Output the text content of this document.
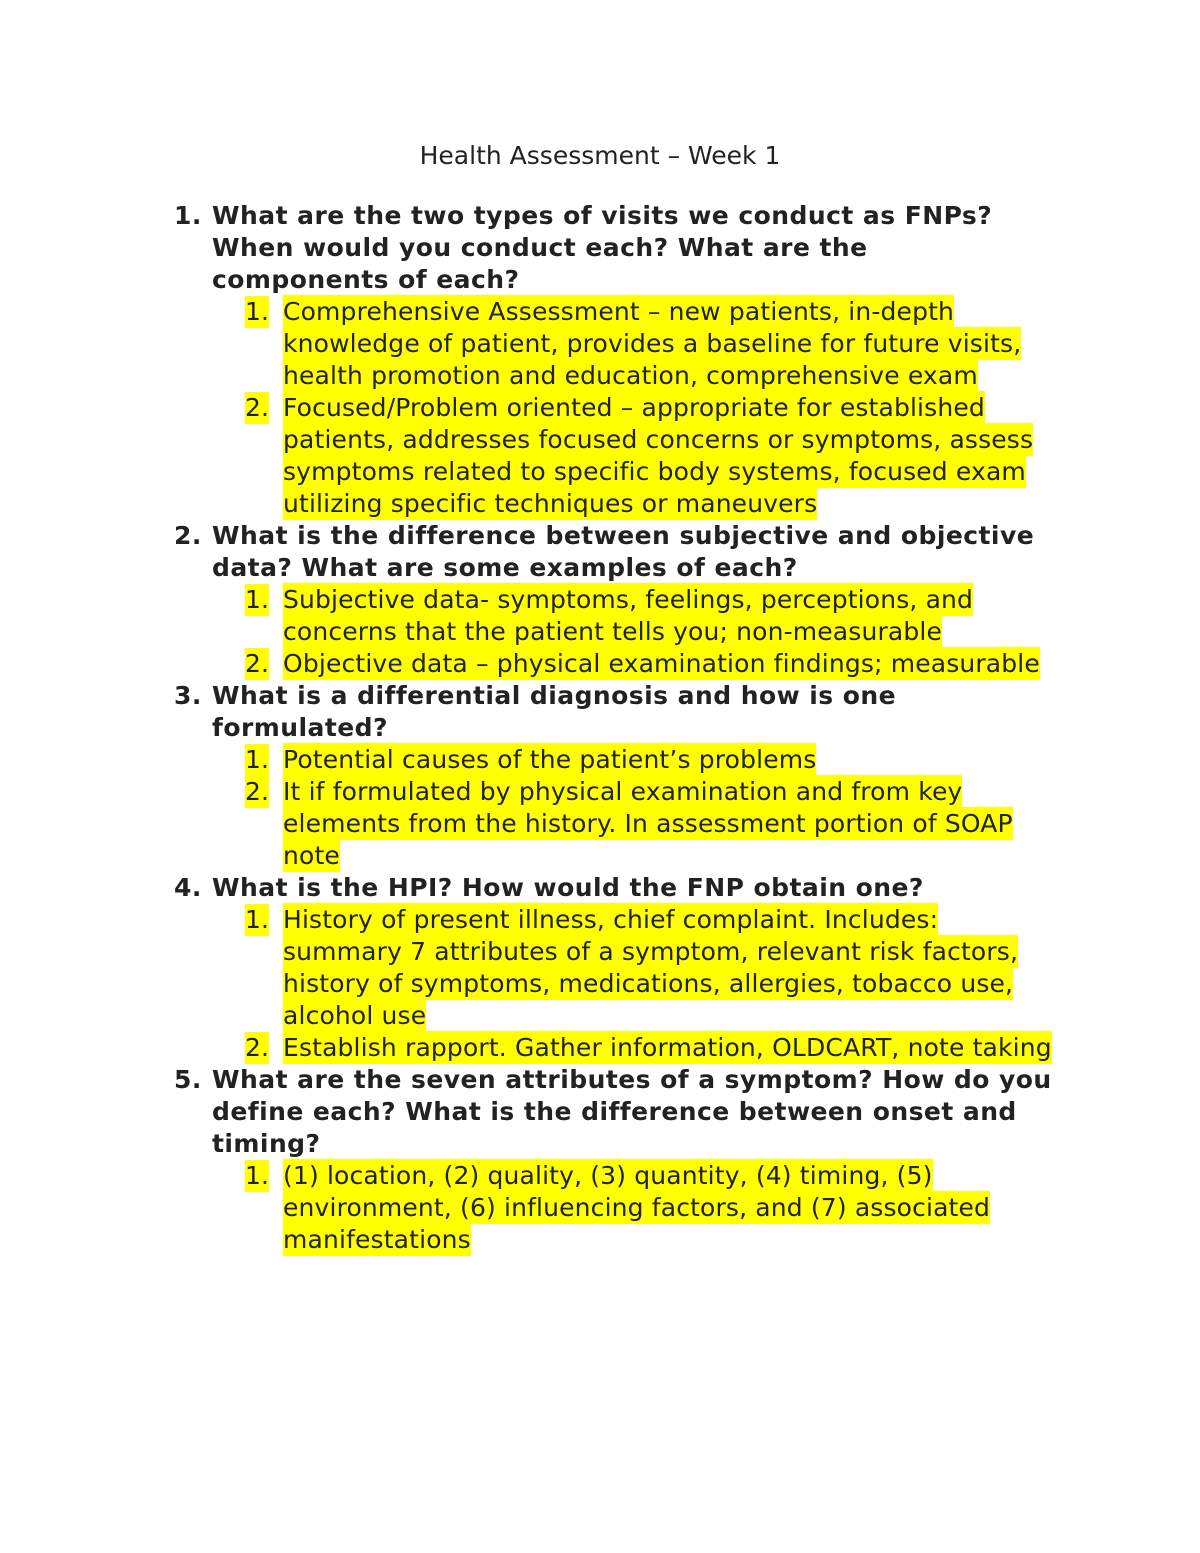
Health Assessment – Week 1
1. What are the two types of visits we conduct as FNPs? When would you conduct each? What are the components of each?
1. Comprehensive Assessment – new patients, in-depth knowledge of patient, provides a baseline for future visits, health promotion and education, comprehensive exam
2. Focused/Problem oriented – appropriate for established patients, addresses focused concerns or symptoms, assess symptoms related to specific body systems, focused exam utilizing specific techniques or maneuvers
2. What is the difference between subjective and objective data? What are some examples of each?
1. Subjective data- symptoms, feelings, perceptions, and concerns that the patient tells you; non-measurable
2. Objective data – physical examination findings; measurable
3. What is a differential diagnosis and how is one formulated?
1. Potential causes of the patient’s problems
2. It if formulated by physical examination and from key elements from the history. In assessment portion of SOAP note
4. What is the HPI? How would the FNP obtain one?
1. History of present illness, chief complaint. Includes: summary 7 attributes of a symptom, relevant risk factors, history of symptoms, medications, allergies, tobacco use, alcohol use
2. Establish rapport. Gather information, OLDCART, note taking
5. What are the seven attributes of a symptom? How do you define each? What is the difference between onset and timing?
1. (1) location, (2) quality, (3) quantity, (4) timing, (5) environment, (6) influencing factors, and (7) associated manifestations
